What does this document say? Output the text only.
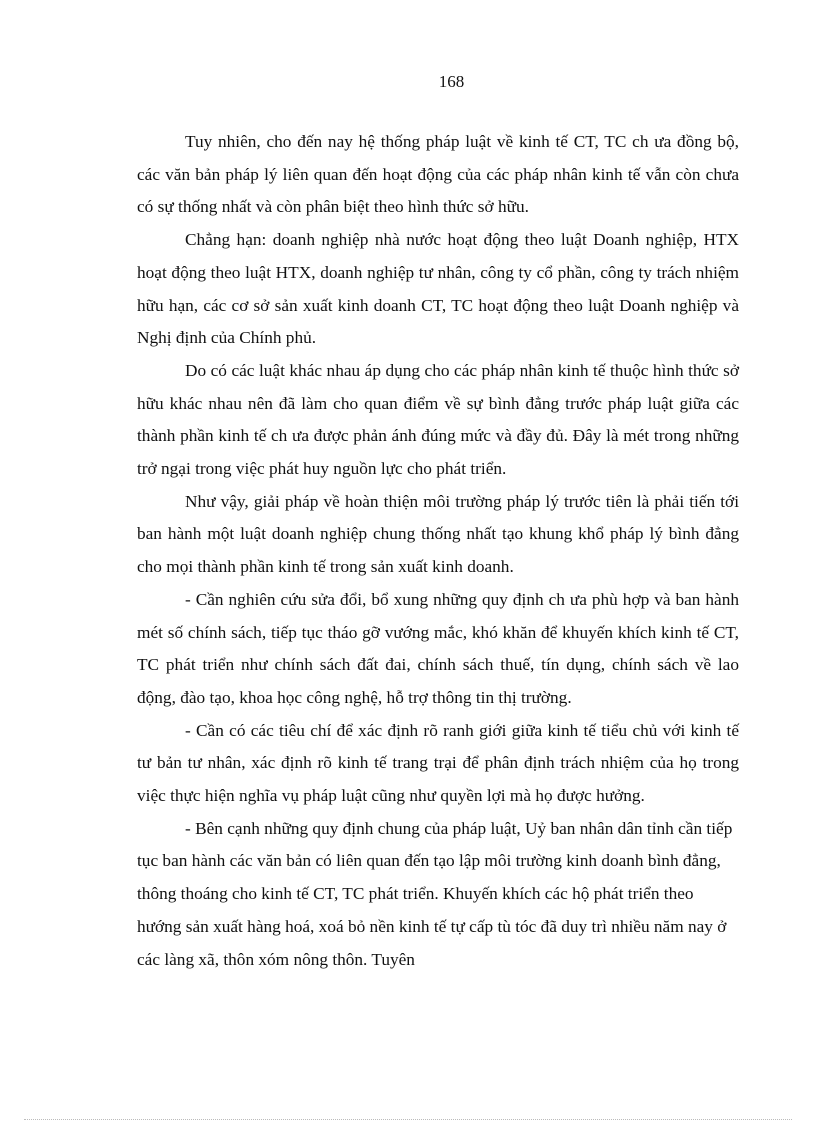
168

Tuy nhiên, cho đến nay hệ thống pháp luật về kinh tế CT, TC ch ưa đồng bộ, các văn bản pháp lý liên quan đến hoạt động của các pháp nhân kinh tế vẫn còn chưa có sự thống nhất và còn phân biệt theo hình thức sở hữu.

Chẳng hạn: doanh nghiệp nhà nước hoạt động theo luật Doanh nghiệp, HTX hoạt động theo luật HTX, doanh nghiệp tư nhân, công ty cổ phần, công ty trách nhiệm hữu hạn, các cơ sở sản xuất kinh doanh CT, TC hoạt động theo luật Doanh nghiệp và Nghị định của Chính phủ.

Do có các luật khác nhau áp dụng cho các pháp nhân kinh tế thuộc hình thức sở hữu khác nhau nên đã làm cho quan điểm về sự bình đẳng trước pháp luật giữa các thành phần kinh tế ch ưa được phản ánh đúng mức và đầy đủ. Đây là mét trong những trở ngại trong việc phát huy nguồn lực cho phát triển.

Như vậy, giải pháp về hoàn thiện môi trường pháp lý trước tiên là phải tiến tới ban hành một luật doanh nghiệp chung thống nhất tạo khung khổ pháp lý bình đẳng cho mọi thành phần kinh tế trong sản xuất kinh doanh.

- Cần nghiên cứu sửa đổi, bổ xung những quy định ch ưa phù hợp và ban hành mét số chính sách, tiếp tục tháo gỡ vướng mắc, khó khăn để khuyến khích kinh tế CT, TC phát triển như chính sách đất đai, chính sách thuế, tín dụng, chính sách về lao động, đào tạo, khoa học công nghệ, hỗ trợ thông tin thị trường.

- Cần có các tiêu chí để xác định rõ ranh giới giữa kinh tế tiểu chủ với kinh tế tư bản tư nhân, xác định rõ kinh tế trang trại để phân định trách nhiệm của họ trong việc thực hiện nghĩa vụ pháp luật cũng như quyền lợi mà họ được hưởng.

- Bên cạnh những quy định chung của pháp luật, Uỷ ban nhân dân tỉnh cần tiếp tục ban hành các văn bản có liên quan đến tạo lập môi trường kinh doanh bình đẳng, thông thoáng cho kinh tế CT, TC phát triển. Khuyến khích các hộ phát triển theo hướng sản xuất hàng hoá, xoá bỏ nền kinh tế tự cấp tù tóc đã duy trì nhiều năm nay ở các làng xã, thôn xóm nông thôn. Tuyên
